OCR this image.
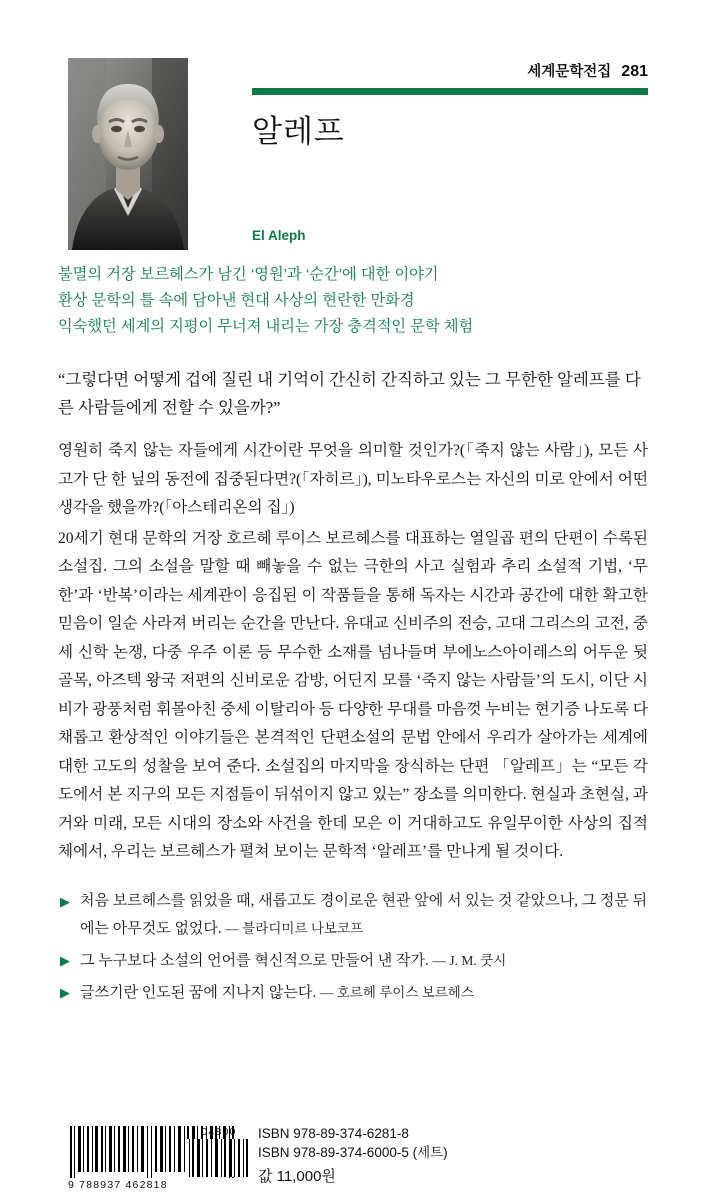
세계문학전집 281
알레프
El Aleph
불멸의 거장 보르헤스가 남긴 ‘영원’과 ‘순간’에 대한 이야기
환상 문학의 틀 속에 담아낸 현대 사상의 현란한 만화경
익숙했던 세계의 지평이 무너져 내리는 가장 충격적인 문학 체험
“그렇다면 어떻게 겁에 질린 내 기억이 간신히 간직하고 있는 그 무한한 알레프를 다른 사람들에게 전할 수 있을까?”

영원히 죽지 않는 자들에게 시간이란 무엇을 의미할 것인가?(「죽지 않는 사람」), 모든 사고가 단 한 닢의 동전에 집중된다면?(「자히르」), 미노타우로스는 자신의 미로 안에서 어떤 생각을 했을까?(「아스테리온의 집」)

20세기 현대 문학의 거장 호르헤 루이스 보르헤스를 대표하는 열일곱 편의 단편이 수록된 소설집. 그의 소설을 말할 때 빼놓을 수 없는 극한의 사고 실험과 추리 소설적 기법, ‘무한’과 ‘반복’이라는 세계관이 응집된 이 작품들을 통해 독자는 시간과 공간에 대한 확고한 믿음이 일순 사라져 버리는 순간을 만난다. 유대교 신비주의 전승, 고대 그리스의 고전, 중세 신학 논쟁, 다중 우주 이론 등 무수한 소재를 넘나들며 부에노스아이레스의 어두운 뒷골목, 아즈텍 왕국 저편의 신비로운 감방, 어딘지 모를 ‘죽지 않는 사람들’의 도시, 이단 시비가 광풍처럼 휘몰아친 중세 이탈리아 등 다양한 무대를 마음껏 누비는 현기증 나도록 다채롭고 환상적인 이야기들은 본격적인 단편소설의 문법 안에서 우리가 살아가는 세계에 대한 고도의 성찰을 보여 준다. 소설집의 마지막을 장식하는 단편 「알레프」는 “모든 각도에서 본 지구의 모든 지점들이 뒤섞이지 않고 있는” 장소를 의미한다. 현실과 초현실, 과거와 미래, 모든 시대의 장소와 사건을 한데 모은 이 거대하고도 유일무이한 사상의 집적체에서, 우리는 보르헤스가 펼쳐 보이는 문학적 ‘알레프’를 만나게 될 것이다.

▶ 처음 보르헤스를 읽었을 때, 새롭고도 경이로운 현관 앞에 서 있는 것 같았으나, 그 정문 뒤에는 아무것도 없었다. — 블라디미르 나보코프
▶ 그 누구보다 소설의 언어를 혁신적으로 만들어 낸 작가. — J. M. 쿳시
▶ 글쓰기란 인도된 꿈에 지나지 않는다. — 호르헤 루이스 보르헤스
9 788937 462818
04800	ISBN 978-89-374-6281-8
ISBN 978-89-374-6000-5 (세트)
값 11,000원
